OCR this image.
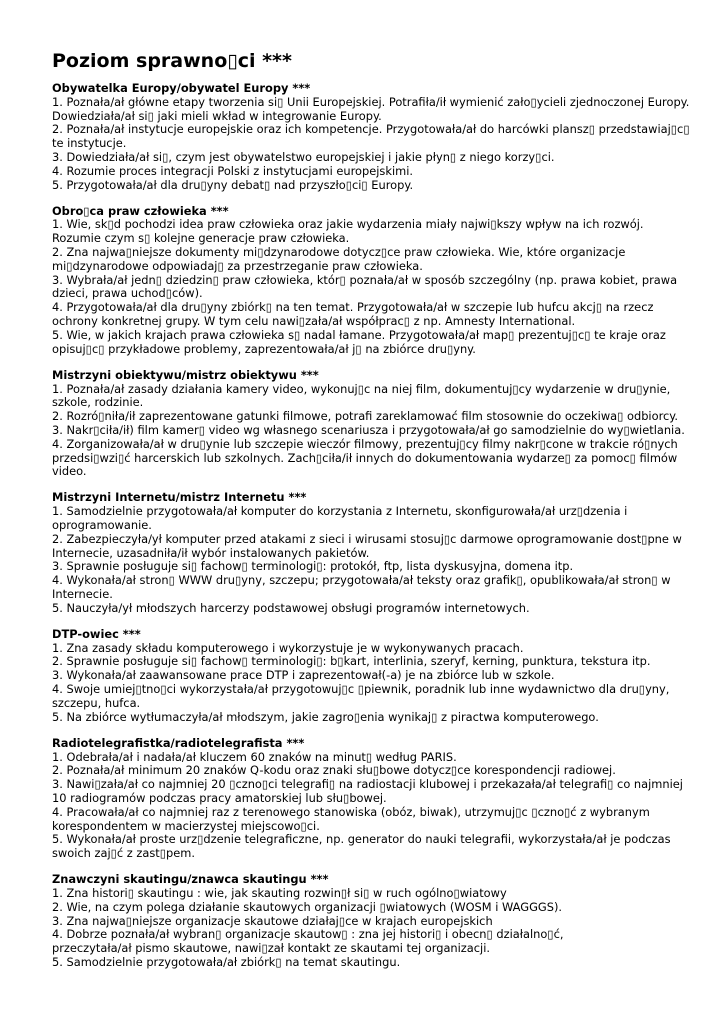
Poziom sprawno▯ci ***

Obywatelka Europy/obywatel Europy ***

1. Poznała/ał główne etapy tworzenia si▯ Unii Europejskiej. Potrafiła/ił wymienić zało▯ycieli zjednoczonej Europy.

Dowiedziała/ał si▯ jaki mieli wkład w integrowanie Europy.

2. Poznała/ał instytucje europejskie oraz ich kompetencje. Przygotowała/ał do harcówki plansz▯ przedstawiaj▯c▯

te instytucje.

3. Dowiedziała/ał si▯, czym jest obywatelstwo europejskiej i jakie płyn▯ z niego korzy▯ci.

4. Rozumie proces integracji Polski z instytucjami europejskimi.

5. Przygotowała/ał dla dru▯yny debat▯ nad przyszło▯ci▯ Europy.

Obro▯ca praw człowieka ***

1. Wie, sk▯d pochodzi idea praw człowieka oraz jakie wydarzenia miały najwi▯kszy wpływ na ich rozwój.

Rozumie czym s▯ kolejne generacje praw człowieka.

2. Zna najwa▯niejsze dokumenty mi▯dzynarodowe dotycz▯ce praw człowieka. Wie, które organizacje

mi▯dzynarodowe odpowiadaj▯ za przestrzeganie praw człowieka.

3. Wybrała/ał jedn▯ dziedzin▯ praw człowieka, któr▯ poznała/ał w sposób szczególny (np. prawa kobiet, prawa

dzieci, prawa uchod▯ców).

4. Przygotowała/ał dla dru▯yny zbiórk▯ na ten temat. Przygotowała/ał w szczepie lub hufcu akcj▯ na rzecz

ochrony konkretnej grupy. W tym celu nawi▯zała/ał współprac▯ z np. Amnesty International.

5. Wie, w jakich krajach prawa człowieka s▯ nadal łamane. Przygotowała/ał map▯ prezentuj▯c▯ te kraje oraz

opisuj▯c▯ przykładowe problemy, zaprezentowała/ał j▯ na zbiórce dru▯yny.

Mistrzyni obiektywu/mistrz obiektywu ***

1. Poznała/ał zasady działania kamery video, wykonuj▯c na niej film, dokumentuj▯cy wydarzenie w dru▯ynie,

szkole, rodzinie.

2. Rozró▯niła/ił zaprezentowane gatunki filmowe, potrafi zareklamować film stosownie do oczekiwa▯ odbiorcy.

3. Nakr▯ciła/ił) film kamer▯ video wg własnego scenariusza i przygotowała/ał go samodzielnie do wy▯wietlania.

4. Zorganizowała/ał w dru▯ynie lub szczepie wieczór filmowy, prezentuj▯cy filmy nakr▯cone w trakcie ró▯nych

przedsi▯wzi▯ć harcerskich lub szkolnych. Zach▯ciła/ił innych do dokumentowania wydarze▯ za pomoc▯ filmów

video.

Mistrzyni Internetu/mistrz Internetu ***

1. Samodzielnie przygotowała/ał komputer do korzystania z Internetu, skonfigurowała/ał urz▯dzenia i

oprogramowanie.

2. Zabezpieczyła/ył komputer przed atakami z sieci i wirusami stosuj▯c darmowe oprogramowanie dost▯pne w

Internecie, uzasadniła/ił wybór instalowanych pakietów.

3. Sprawnie posługuje si▯ fachow▯ terminologi▯: protokół, ftp, lista dyskusyjna, domena itp.

4. Wykonała/ał stron▯ WWW dru▯yny, szczepu; przygotowała/ał teksty oraz grafik▯, opublikowała/ał stron▯ w

Internecie.

5. Nauczyła/ył młodszych harcerzy podstawowej obsługi programów internetowych.

DTP-owiec ***

1. Zna zasady składu komputerowego i wykorzystuje je w wykonywanych pracach.

2. Sprawnie posługuje si▯ fachow▯ terminologi▯: b▯kart, interlinia, szeryf, kerning, punktura, tekstura itp.

3. Wykonała/ał zaawansowane prace DTP i zaprezentował(-a) je na zbiórce lub w szkole.

4. Swoje umiej▯tno▯ci wykorzystała/ał przygotowuj▯c ▯piewnik, poradnik lub inne wydawnictwo dla dru▯yny,

szczepu, hufca.

5. Na zbiórce wytłumaczyła/ał młodszym, jakie zagro▯enia wynikaj▯ z piractwa komputerowego.

Radiotelegrafistka/radiotelegrafista ***

1. Odebrała/ał i nadała/ał kluczem 60 znaków na minut▯ według PARIS.

2. Poznała/ał minimum 20 znaków Q-kodu oraz znaki słu▯bowe dotycz▯ce korespondencji radiowej.

3. Nawi▯zała/ał co najmniej 20 ▯czno▯ci telegrafi▯ na radiostacji klubowej i przekazała/ał telegrafi▯ co najmniej

10 radiogramów podczas pracy amatorskiej lub słu▯bowej.

4. Pracowała/ał co najmniej raz z terenowego stanowiska (obóz, biwak), utrzymuj▯c ▯czno▯ć z wybranym

korespondentem w macierzystej miejscowo▯ci.

5. Wykonała/ał proste urz▯dzenie telegraficzne, np. generator do nauki telegrafii, wykorzystała/ał je podczas

swoich zaj▯ć z zast▯pem.

Znawczyni skautingu/znawca skautingu ***

1. Zna histori▯ skautingu : wie, jak skauting rozwin▯ł si▯ w ruch ogólno▯wiatowy

2. Wie, na czym polega działanie skautowych organizacji ▯wiatowych (WOSM i WAGGGS).

3. Zna najwa▯niejsze organizacje skautowe działaj▯ce w krajach europejskich

4. Dobrze poznała/ał wybran▯ organizacje skautow▯ : zna jej histori▯ i obecn▯ działalno▯ć,

przeczytała/ał pismo skautowe, nawi▯zał kontakt ze skautami tej organizacji.

5. Samodzielnie przygotowała/ał zbiórk▯ na temat skautingu.
